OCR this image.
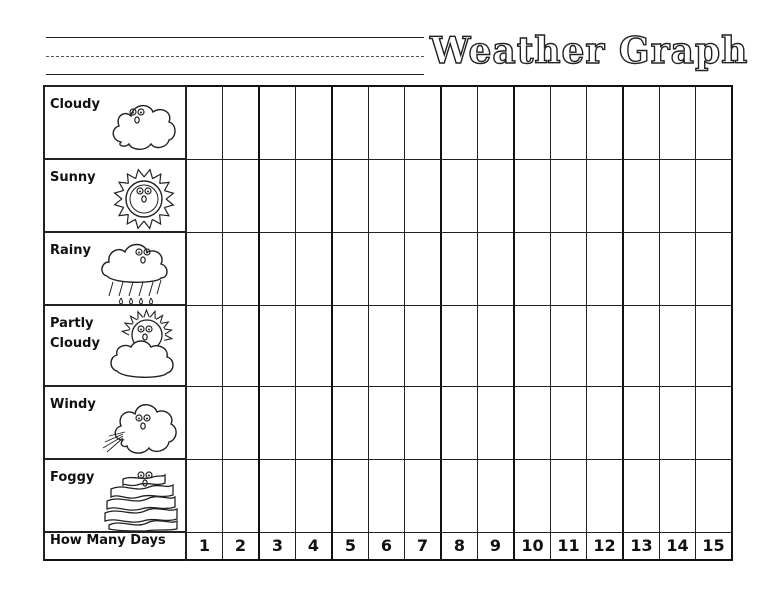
Weather Graph
Cloudy															

Sunny															

Rainy															

Partly
Cloudy															

Windy															

Foggy															

How Many Days	1	2	3	4	5	6	7	8	9	10	11	12	13	14	15
